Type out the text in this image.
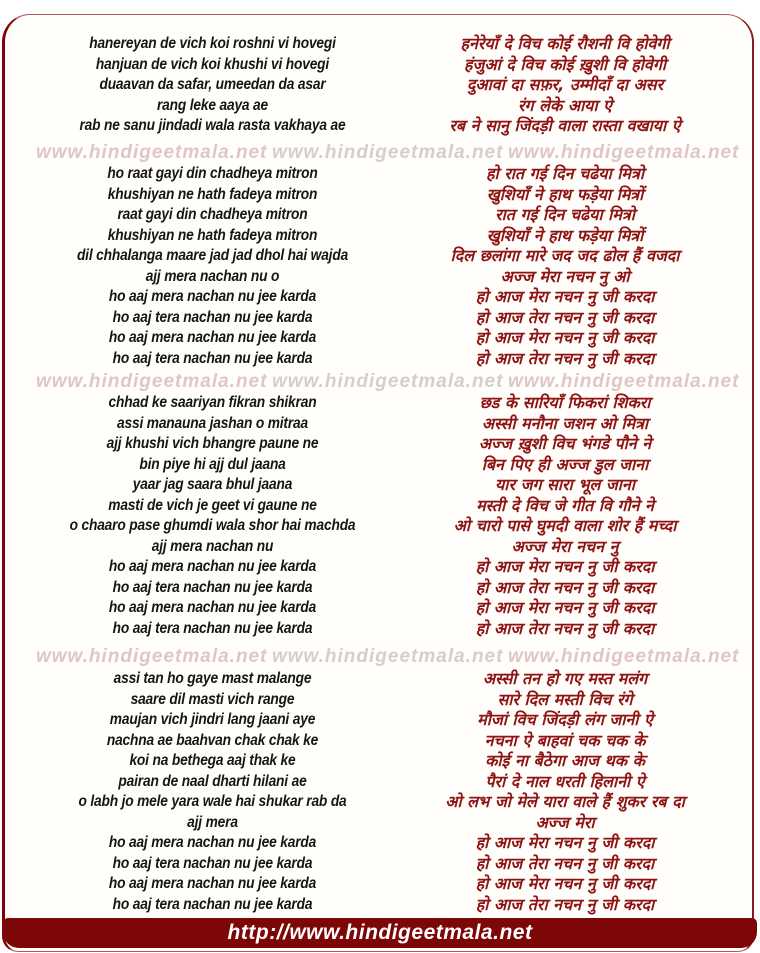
hanereyan de vich koi roshni vi hovegi
hanjuan de vich koi khushi vi hovegi
duaavan da safar, umeedan da asar
rang leke aaya ae
rab ne sanu jindadi wala rasta vakhaya ae
हनेरेयाँ दे विच कोई रौशनी वि होवेगी
हंजुआं दे विच कोई ख़ुशी वि होवेगी
दुआवां दा सफ़र, उम्मीदाँ दा असर
रंग लेके आया ऐ
रब ने सानु जिंदड़ी वाला रास्ता वखाया ऐ
www.hindigeetmala.net www.hindigeetmala.net www.hindigeetmala.net
ho raat gayi din chadheya mitron
khushiyan ne hath fadeya mitron
raat gayi din chadheya mitron
khushiyan ne hath fadeya mitron
dil chhalanga maare jad jad dhol hai wajda
ajj mera nachan nu o
ho aaj mera nachan nu jee karda
ho aaj tera nachan nu jee karda
ho aaj mera nachan nu jee karda
ho aaj tera nachan nu jee karda
हो रात गई दिन चढेया मित्रो
खुशियाँ ने हाथ फड़ेया मित्रों
रात गई दिन चढेया मित्रो
खुशियाँ ने हाथ फड़ेया मित्रों
दिल छलांगा मारे जद जद ढोल हैं वजदा
अज्ज मेरा नचन नु ओ
हो आज मेरा नचन नु जी करदा
हो आज तेरा नचन नु जी करदा
हो आज मेरा नचन नु जी करदा
हो आज तेरा नचन नु जी करदा
www.hindigeetmala.net www.hindigeetmala.net www.hindigeetmala.net
chhad ke saariyan fikran shikran
assi manauna jashan o mitraa
ajj khushi vich bhangre paune ne
bin piye hi ajj dul jaana
yaar jag saara bhul jaana
masti de vich je geet vi gaune ne
o chaaro pase ghumdi wala shor hai machda
ajj mera nachan nu
ho aaj mera nachan nu jee karda
ho aaj tera nachan nu jee karda
ho aaj mera nachan nu jee karda
ho aaj tera nachan nu jee karda
छड के सारियाँ फिकरां शिकरा
अस्सी मनौना जशन ओ मित्रा
अज्ज ख़ुशी विच भंगडे पौने ने
बिन पिए ही अज्ज डुल जाना
यार जग सारा भूल जाना
मस्ती दे विच जे गीत वि गौने ने
ओ चारो पासे घुमदी वाला शोर हैं मच्दा
अज्ज मेरा नचन नु
हो आज मेरा नचन नु जी करदा
हो आज तेरा नचन नु जी करदा
हो आज मेरा नचन नु जी करदा
हो आज तेरा नचन नु जी करदा
www.hindigeetmala.net www.hindigeetmala.net www.hindigeetmala.net
assi tan ho gaye mast malange
saare dil masti vich range
maujan vich jindri lang jaani aye
nachna ae baahvan chak chak ke
koi na bethega aaj thak ke
pairan de naal dharti hilani ae
o labh jo mele yara wale hai shukar rab da
ajj mera
ho aaj mera nachan nu jee karda
ho aaj tera nachan nu jee karda
ho aaj mera nachan nu jee karda
ho aaj tera nachan nu jee karda
अस्सी तन हो गए मस्त मलंग
सारे दिल मस्ती विच रंगे
मौजां विच जिंदड़ी लंग जानी ऐ
नचना ऐ बाहवां चक चक के
कोई ना बैठेगा आज थक के
पैरां दे नाल धरती हिलानी ऐ
ओ लभ जो मेले यारा वाले हैं शुकर रब दा
अज्ज मेरा
हो आज मेरा नचन नु जी करदा
हो आज तेरा नचन नु जी करदा
हो आज मेरा नचन नु जी करदा
हो आज तेरा नचन नु जी करदा
http://www.hindigeetmala.net
